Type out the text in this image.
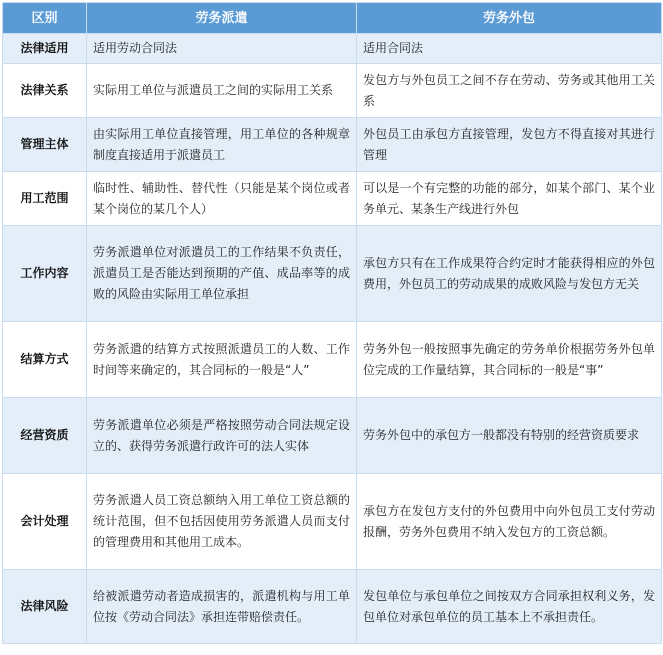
区别	劳务派遣	劳务外包
法律适用	适用劳动合同法	适用合同法
法律关系	实际用工单位与派遣员工之间的实际用工关系	发包方与外包员工之间不存在劳动、劳务或其他用工关系
管理主体	由实际用工单位直接管理，用工单位的各种规章制度直接适用于派遣员工	外包员工由承包方直接管理，发包方不得直接对其进行管理
用工范围	临时性、辅助性、替代性（只能是某个岗位或者某个岗位的某几个人）	可以是一个有完整的功能的部分，如某个部门、某个业务单元、某条生产线进行外包
工作内容	劳务派遣单位对派遣员工的工作结果不负责任，派遣员工是否能达到预期的产值、成品率等的成败的风险由实际用工单位承担	承包方只有在工作成果符合约定时才能获得相应的外包费用，外包员工的劳动成果的成败风险与发包方无关
结算方式	劳务派遣的结算方式按照派遣员工的人数、工作时间等来确定的，其合同标的一般是“人”	劳务外包一般按照事先确定的劳务单价根据劳务外包单位完成的工作量结算，其合同标的一般是“事”
经营资质	劳务派遣单位必须是严格按照劳动合同法规定设立的、获得劳务派遣行政许可的法人实体	劳务外包中的承包方一般都没有特别的经营资质要求
会计处理	劳务派遣人员工资总额纳入用工单位工资总额的统计范围，但不包括因使用劳务派遣人员而支付的管理费用和其他用工成本。	承包方在发包方支付的外包费用中向外包员工支付劳动报酬，劳务外包费用不纳入发包方的工资总额。
法律风险	给被派遣劳动者造成损害的，派遣机构与用工单位按《劳动合同法》承担连带赔偿责任。	发包单位与承包单位之间按双方合同承担权利义务，发包单位对承包单位的员工基本上不承担责任。
